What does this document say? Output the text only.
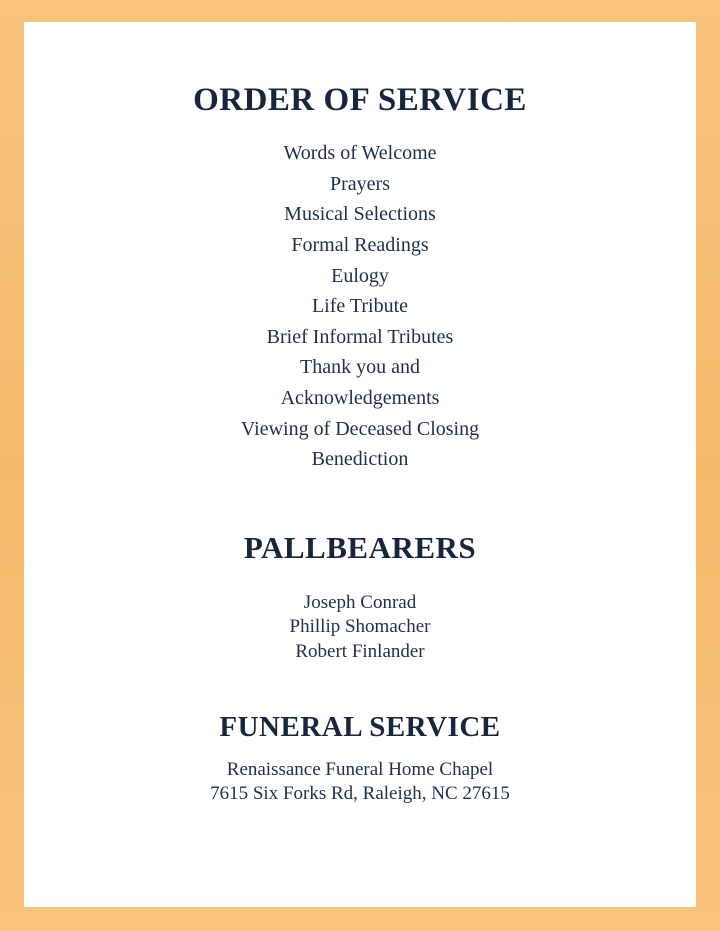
ORDER OF SERVICE
Words of Welcome
Prayers
Musical Selections
Formal Readings
Eulogy
Life Tribute
Brief Informal Tributes
Thank you and
Acknowledgements
Viewing of Deceased Closing
Benediction
PALLBEARERS
Joseph Conrad
Phillip Shomacher
Robert Finlander
FUNERAL SERVICE
Renaissance Funeral Home Chapel
7615 Six Forks Rd, Raleigh, NC 27615
